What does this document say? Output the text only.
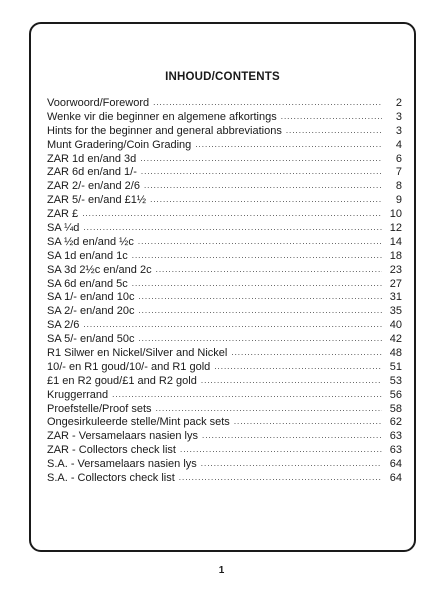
INHOUD/CONTENTS
Voorwoord/Foreword .....	2
Wenke vir die beginner en algemene afkortings .....	3
Hints for the beginner and general abbreviations .....	3
Munt Gradering/Coin Grading .....	4
ZAR 1d en/and 3d .....	6
ZAR 6d en/and 1/- .....	7
ZAR 2/- en/and 2/6 .....	8
ZAR 5/- en/and £1½ .....	9
ZAR £ .....	10
SA ¼d .....	12
SA ½d en/and ½c .....	14
SA 1d en/and 1c .....	18
SA 3d 2½c en/and 2c .....	23
SA 6d en/and 5c .....	27
SA 1/- en/and 10c .....	31
SA 2/- en/and 20c .....	35
SA 2/6 .....	40
SA 5/- en/and 50c .....	42
R1 Silwer en Nickel/Silver and Nickel .....	48
10/- en R1 goud/10/- and R1 gold .....	51
£1 en R2 goud/£1 and R2 gold .....	53
Kruggerrand .....	56
Proefstelle/Proof sets .....	58
Ongesirkuleerde stelle/Mint pack sets .....	62
ZAR - Versamelaars nasien lys .....	63
ZAR - Collectors check list .....	63
S.A. - Versamelaars nasien lys .....	64
S.A. - Collectors check list .....	64
1
